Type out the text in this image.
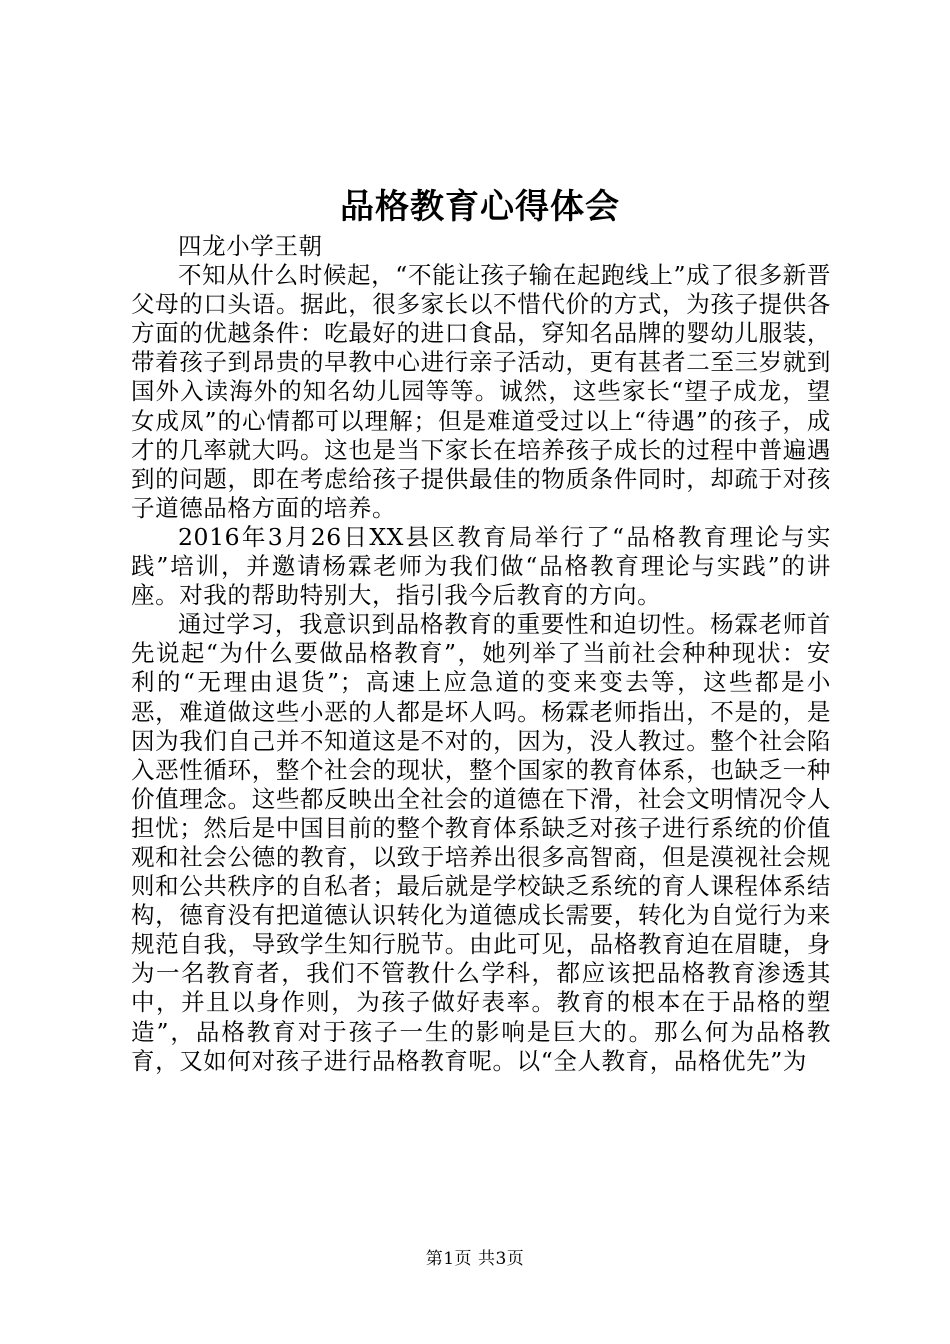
品格教育心得体会

四龙小学王朝

不知从什么时候起，“不能让孩子输在起跑线上”成了很多新晋父母的口头语。据此，很多家长以不惜代价的方式，为孩子提供各方面的优越条件：吃最好的进口食品，穿知名品牌的婴幼儿服装，带着孩子到昂贵的早教中心进行亲子活动，更有甚者二至三岁就到国外入读海外的知名幼儿园等等。诚然，这些家长“望子成龙，望女成凤”的心情都可以理解；但是难道受过以上“待遇”的孩子，成才的几率就大吗。这也是当下家长在培养孩子成长的过程中普遍遇到的问题，即在考虑给孩子提供最佳的物质条件同时，却疏于对孩子道德品格方面的培养。

2016年3月26日XX县区教育局举行了“品格教育理论与实践”培训，并邀请杨霖老师为我们做“品格教育理论与实践”的讲座。对我的帮助特别大，指引我今后教育的方向。

通过学习，我意识到品格教育的重要性和迫切性。杨霖老师首先说起“为什么要做品格教育”，她列举了当前社会种种现状：安利的“无理由退货”；高速上应急道的变来变去等，这些都是小恶，难道做这些小恶的人都是坏人吗。杨霖老师指出，不是的，是因为我们自己并不知道这是不对的，因为，没人教过。整个社会陷入恶性循环，整个社会的现状，整个国家的教育体系，也缺乏一种价值理念。这些都反映出全社会的道德在下滑，社会文明情况令人担忧；然后是中国目前的整个教育体系缺乏对孩子进行系统的价值观和社会公德的教育，以致于培养出很多高智商，但是漠视社会规则和公共秩序的自私者；最后就是学校缺乏系统的育人课程体系结构，德育没有把道德认识转化为道德成长需要，转化为自觉行为来规范自我，导致学生知行脱节。由此可见，品格教育迫在眉睫，身为一名教育者，我们不管教什么学科，都应该把品格教育渗透其中，并且以身作则，为孩子做好表率。教育的根本在于品格的塑造”，品格教育对于孩子一生的影响是巨大的。那么何为品格教育，又如何对孩子进行品格教育呢。以“全人教育，品格优先”为

第1页 共3页
